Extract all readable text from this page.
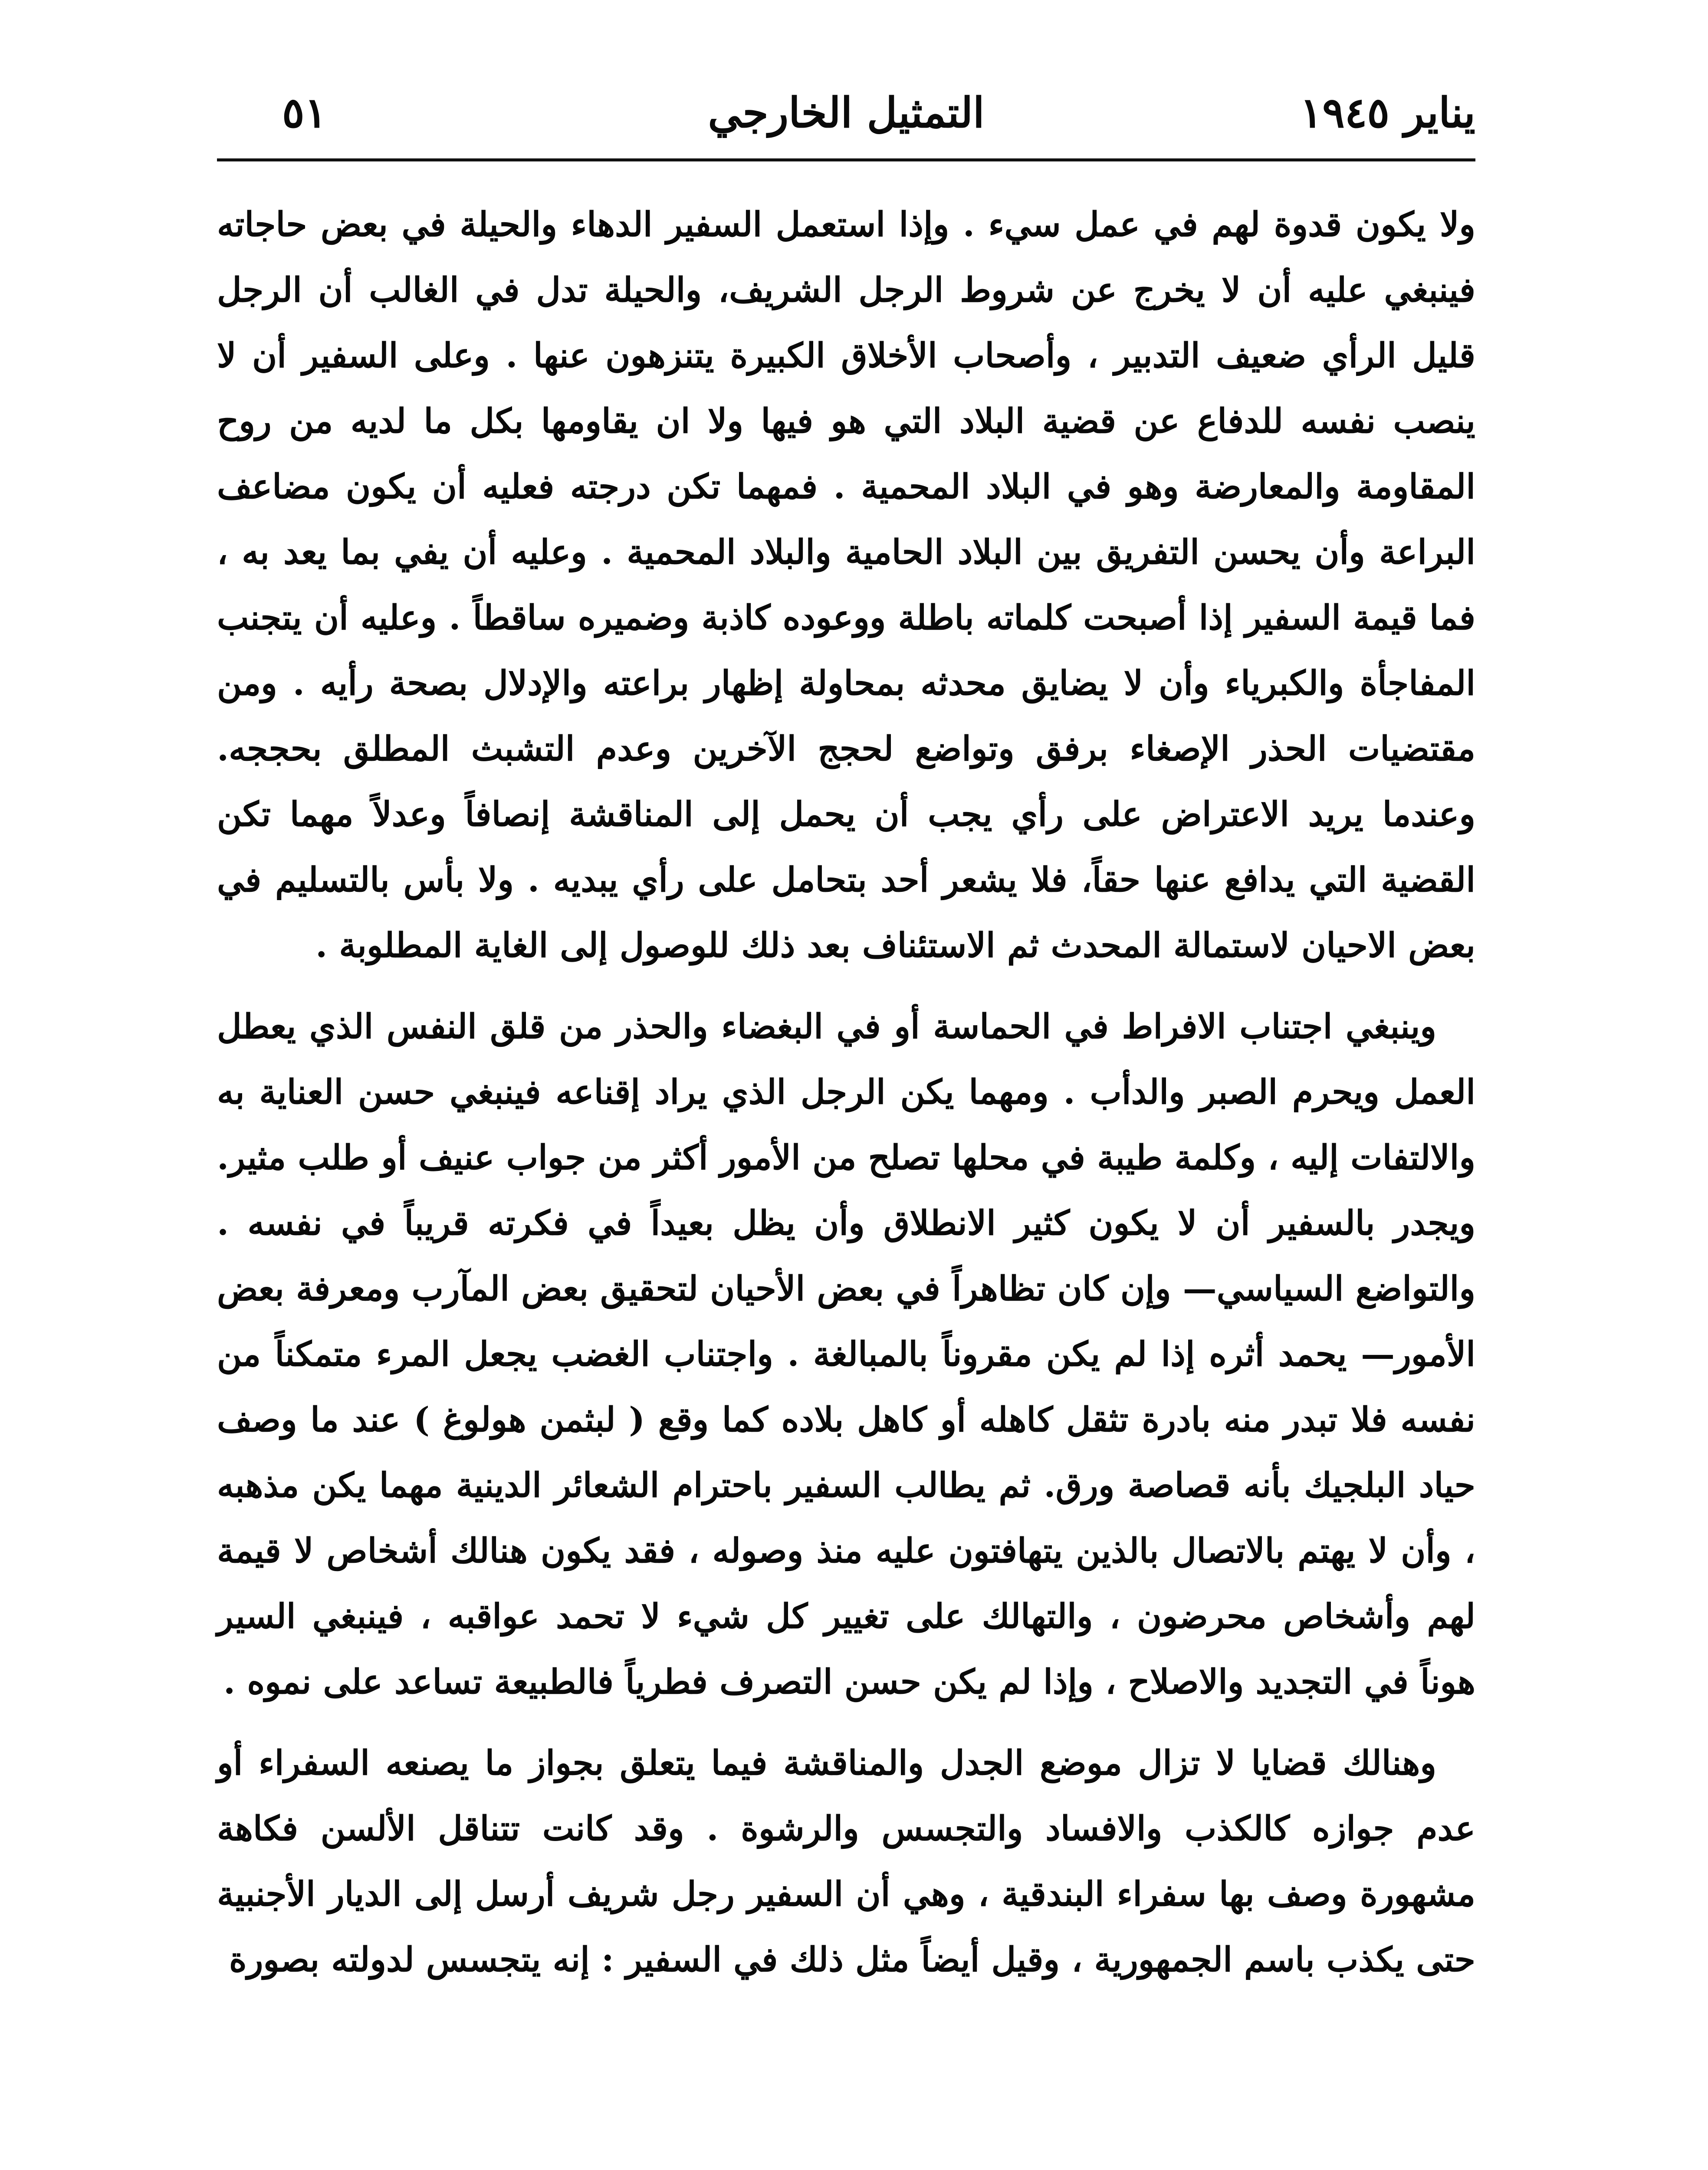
يناير ١٩٤٥
التمثيل الخارجي
٥١

ولا يكون قدوة لهم في عمل سيء . وإذا استعمل السفير الدهاء والحيلة في بعض حاجاته فينبغي عليه أن لا يخرج عن شروط الرجل الشريف، والحيلة تدل في الغالب أن الرجل قليل الرأي ضعيف التدبير ، وأصحاب الأخلاق الكبيرة يتنزهون عنها . وعلى السفير أن لا ينصب نفسه للدفاع عن قضية البلاد التي هو فيها ولا ان يقاومها بكل ما لديه من روح المقاومة والمعارضة وهو في البلاد المحمية . فمهما تكن درجته فعليه أن يكون مضاعف البراعة وأن يحسن التفريق بين البلاد الحامية والبلاد المحمية . وعليه أن يفي بما يعد به ، فما قيمة السفير إذا أصبحت كلماته باطلة ووعوده كاذبة وضميره ساقطاً . وعليه أن يتجنب المفاجأة والكبرياء وأن لا يضايق محدثه بمحاولة إظهار براعته والإدلال بصحة رأيه . ومن مقتضيات الحذر الإصغاء برفق وتواضع لحجج الآخرين وعدم التشبث المطلق بحججه. وعندما يريد الاعتراض على رأي يجب أن يحمل إلى المناقشة إنصافاً وعدلاً مهما تكن القضية التي يدافع عنها حقاً، فلا يشعر أحد بتحامل على رأي يبديه . ولا بأس بالتسليم في بعض الاحيان لاستمالة المحدث ثم الاستئناف بعد ذلك للوصول إلى الغاية المطلوبة .

وينبغي اجتناب الافراط في الحماسة أو في البغضاء والحذر من قلق النفس الذي يعطل العمل ويحرم الصبر والدأب . ومهما يكن الرجل الذي يراد إقناعه فينبغي حسن العناية به والالتفات إليه ، وكلمة طيبة في محلها تصلح من الأمور أكثر من جواب عنيف أو طلب مثير. ويجدر بالسفير أن لا يكون كثير الانطلاق وأن يظل بعيداً في فكرته قريباً في نفسه . والتواضع السياسي— وإن كان تظاهراً في بعض الأحيان لتحقيق بعض المآرب ومعرفة بعض الأمور— يحمد أثره إذا لم يكن مقروناً بالمبالغة . واجتناب الغضب يجعل المرء متمكناً من نفسه فلا تبدر منه بادرة تثقل كاهله أو كاهل بلاده كما وقع ( لبثمن هولوغ ) عند ما وصف حياد البلجيك بأنه قصاصة ورق. ثم يطالب السفير باحترام الشعائر الدينية مهما يكن مذهبه ، وأن لا يهتم بالاتصال بالذين يتهافتون عليه منذ وصوله ، فقد يكون هنالك أشخاص لا قيمة لهم وأشخاص محرضون ، والتهالك على تغيير كل شيء لا تحمد عواقبه ، فينبغي السير هوناً في التجديد والاصلاح ، وإذا لم يكن حسن التصرف فطرياً فالطبيعة تساعد على نموه .

وهنالك قضايا لا تزال موضع الجدل والمناقشة فيما يتعلق بجواز ما يصنعه السفراء أو عدم جوازه كالكذب والافساد والتجسس والرشوة . وقد كانت تتناقل الألسن فكاهة مشهورة وصف بها سفراء البندقية ، وهي أن السفير رجل شريف أرسل إلى الديار الأجنبية حتى يكذب باسم الجمهورية ، وقيل أيضاً مثل ذلك في السفير : إنه يتجسس لدولته بصورة
